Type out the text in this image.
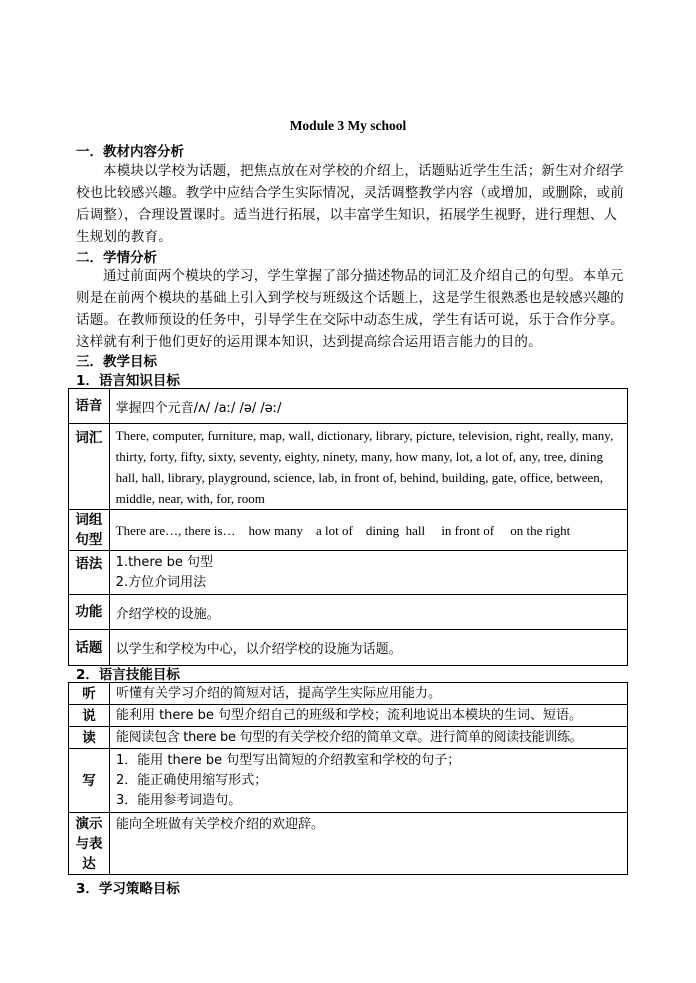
Module 3 My school
一．教材内容分析
本模块以学校为话题，把焦点放在对学校的介绍上，话题贴近学生生活；新生对介绍学校也比较感兴趣。教学中应结合学生实际情况，灵活调整教学内容（或增加，或删除，或前后调整），合理设置课时。适当进行拓展，以丰富学生知识，拓展学生视野，进行理想、人生规划的教育。
二．学情分析
通过前面两个模块的学习，学生掌握了部分描述物品的词汇及介绍自己的句型。本单元则是在前两个模块的基础上引入到学校与班级这个话题上，这是学生很熟悉也是较感兴趣的话题。在教师预设的任务中，引导学生在交际中动态生成，学生有话可说，乐于合作分享。这样就有利于他们更好的运用课本知识，达到提高综合运用语言能力的目的。
三．教学目标
1．语言知识目标
语音	掌握四个元音/ʌ/ /aː/ /ə/ /əː/
词汇	There, computer, furniture, map, wall, dictionary, library, picture, television, right, really, many, thirty, forty, fifty, sixty, seventy, eighty, ninety, many, how many, lot, a lot of, any, tree, dining hall, hall, library, playground, science, lab, in front of, behind, building, gate, office, between, middle, near, with, for, room

词组
句型	There are…, there is…    how many    a lot of    dining  hall     in front of     on the right
语法	1.there be 句型
2.方位介词用法

功能	介绍学校的设施。
话题	以学生和学校为中心，以介绍学校的设施为话题。
2．语言技能目标
听	听懂有关学习介绍的简短对话，提高学生实际应用能力。
说	能利用 there be 句型介绍自己的班级和学校；流利地说出本模块的生词、短语。
读	能阅读包含 there be 句型的有关学校介绍的简单文章。进行简单的阅读技能训练。
写	1．能用 there be 句型写出简短的介绍教室和学校的句子；
2．能正确使用缩写形式；
3．能用参考词造句。

演示
与表
达	能向全班做有关学校介绍的欢迎辞。
3．学习策略目标
